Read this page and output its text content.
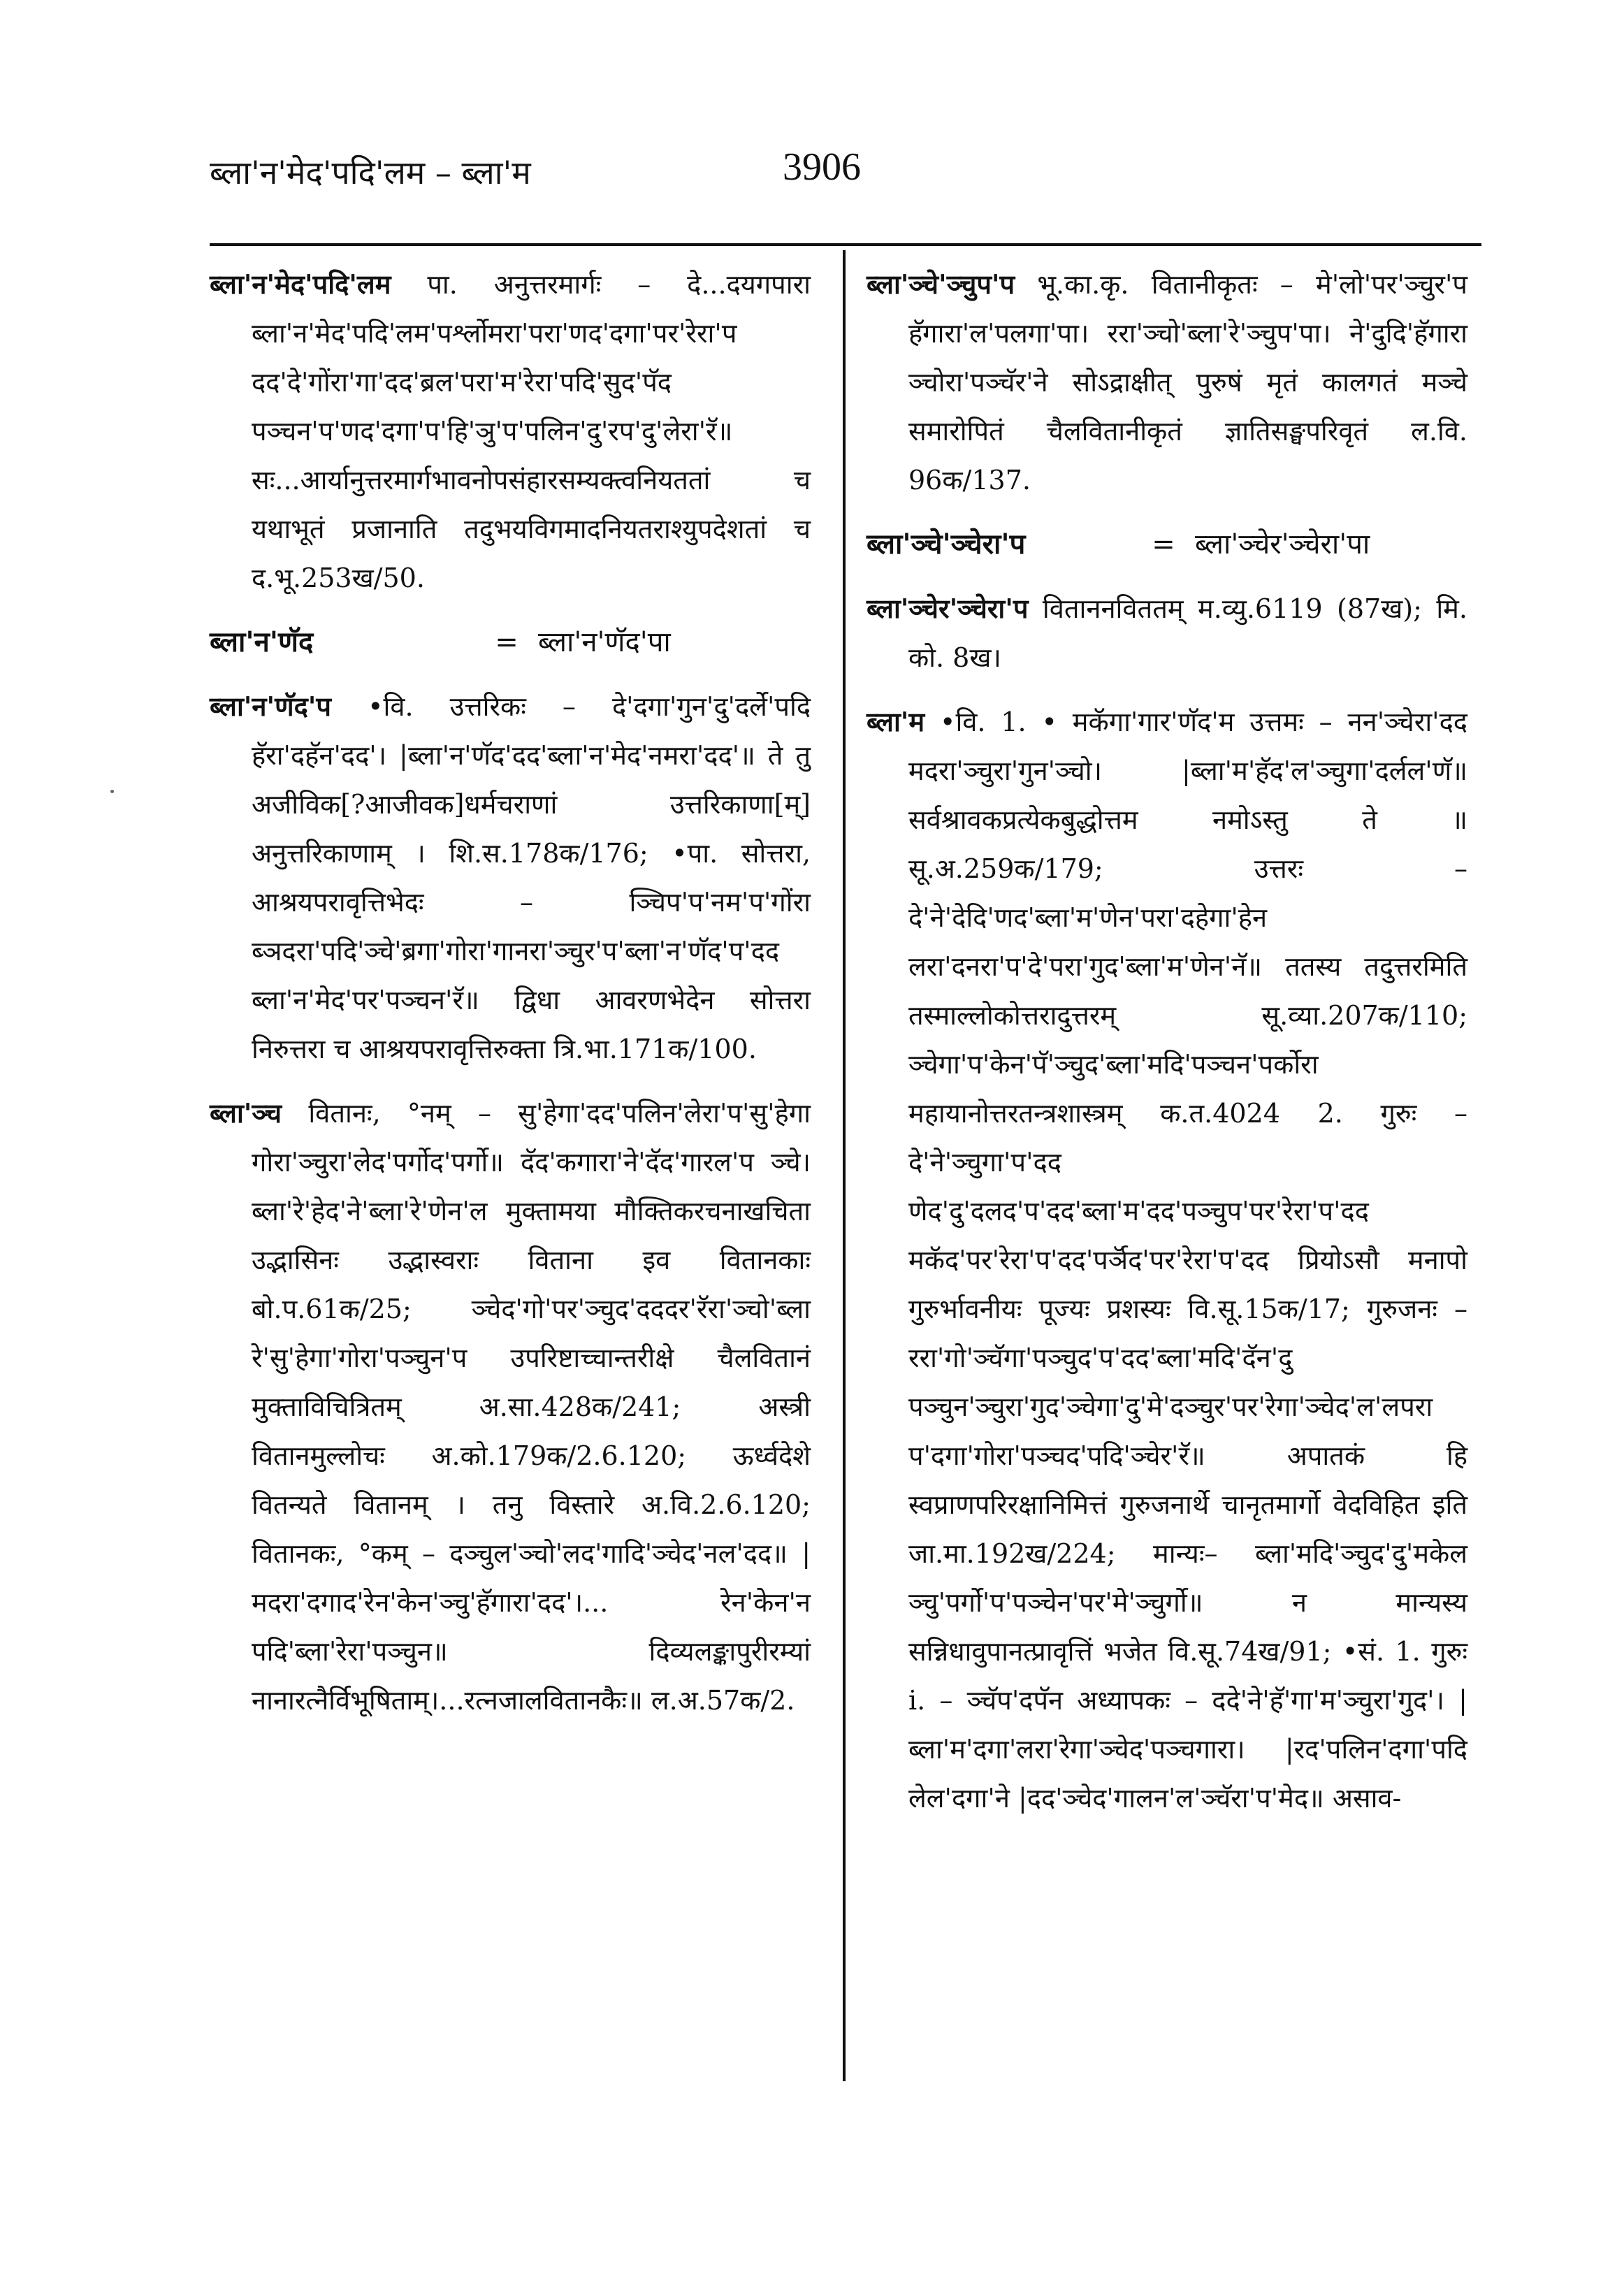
ब्ला'न'मेद'पदि'लम – ब्ला'म	3906
ब्ला'न'मेद'पदि'लम पा. अनुत्तरमार्गः – दे...दयगपारा ब्ला'न'मेद'पदि'लम'पर्श्लोमरा'परा'णद'दगा'पर'रेरा'प दद'दे'गोंरा'गा'दद'ब्रल'परा'म'रेरा'पदि'सुद'पॅद पञ्चन'प'णद'दगा'प'हि'ञु'प'पलिन'दु'रप'दु'लेरा'रॅ॥ सः...आर्यानुत्तरमार्गभावनोपसंहारसम्यक्त्वनियततां च यथाभूतं प्रजानाति तदुभयविगमादनियतराश्युपदेशतां च द.भू.253ख/50.
ब्ला'न'णॅद	= ब्ला'न'णॅद'पा
ब्ला'न'णॅद'प •वि. उत्तरिकः – दे'दगा'गुन'दु'दर्ले'पदि हॅरा'दहॅन'दद'। |ब्ला'न'णॅद'दद'ब्ला'न'मेद'नमरा'दद'॥ ते तु अजीविक[?आजीवक]धर्मचराणां उत्तरिकाणा[म्] अनुत्तरिकाणाम् । शि.स.178क/176; •पा. सोत्तरा, आश्रयपरावृत्तिभेदः – ञ्चिप'प'नम'प'गोंरा ब्ञदरा'पदि'ञ्चे'ब्रगा'गोरा'गानरा'ञ्चुर'प'ब्ला'न'णॅद'प'दद ब्ला'न'मेद'पर'पञ्चन'रॅ॥ द्विधा आवरणभेदेन सोत्तरा निरुत्तरा च आश्रयपरावृत्तिरुक्ता त्रि.भा.171क/100.
ब्ला'ञ्च वितानः, °नम् – सु'हेगा'दद'पलिन'लेरा'प'सु'हेगा गोरा'ञ्चुरा'लेद'पर्गोद'पर्गो॥ दॅद'कगारा'ने'दॅद'गारल'प ञ्चे। ब्ला'रे'हेद'ने'ब्ला'रे'णेन'ल मुक्तामया मौक्तिकरचनाखचिता उद्भासिनः उद्भास्वराः विताना इव वितानकाः बो.प.61क/25; ञ्चेद'गो'पर'ञ्चुद'दददर'रॅरा'ञ्चो'ब्ला रे'सु'हेगा'गोरा'पञ्चुन'प उपरिष्टाच्चान्तरीक्षे चैलवितानं मुक्ताविचित्रितम् अ.सा.428क/241; अस्त्री वितानमुल्लोचः अ.को.179क/2.6.120; ऊर्ध्वदेशे वितन्यते वितानम् । तनु विस्तारे अ.वि.2.6.120; वितानकः, °कम् – दञ्चुल'ञ्चो'लद'गादि'ञ्चेद'नल'दद॥ |मदरा'दगाद'रेन'केन'ञ्चु'हॅगारा'दद'।... रेन'केन'न पदि'ब्ला'रेरा'पञ्चुन॥ दिव्यलङ्कापुरीरम्यां नानारत्नैर्विभूषिताम्।...रत्नजालवितानकैः॥ ल.अ.57क/2.
ब्ला'ञ्चे'ञ्चुप'प भू.का.कृ. वितानीकृतः – मे'लो'पर'ञ्चुर'प हॅगारा'ल'पलगा'पा। ररा'ञ्चो'ब्ला'रे'ञ्चुप'पा। ने'दुदि'हॅगारा ञ्चोरा'पञ्चॅर'ने सोऽद्राक्षीत् पुरुषं मृतं कालगतं मञ्चे समारोपितं चैलवितानीकृतं ज्ञातिसङ्घपरिवृतं ल.वि. 96क/137.
ब्ला'ञ्चे'ञ्चेरा'प	= ब्ला'ञ्चेर'ञ्चेरा'पा
ब्ला'ञ्चेर'ञ्चेरा'प विताननविततम् म.व्यु.6119 (87ख); मि. को. 8ख।
ब्ला'म •वि. 1. • मकॅगा'गार'णॅद'म उत्तमः – नन'ञ्चेरा'दद मदरा'ञ्चुरा'गुन'ञ्चो। |ब्ला'म'हॅद'ल'ञ्चुगा'दर्लल'णॅ॥ सर्वश्रावकप्रत्येकबुद्धोत्तम नमोऽस्तु ते ॥ सू.अ.259क/179; उत्तरः – दे'ने'देदि'णद'ब्ला'म'णेन'परा'दहेगा'हेन लरा'दनरा'प'दे'परा'गुद'ब्ला'म'णेन'नॅ॥ ततस्य तदुत्तरमिति तस्माल्लोकोत्तरादुत्तरम् सू.व्या.207क/110; ञ्चेगा'प'केन'पॅ'ञ्चुद'ब्ला'मदि'पञ्चन'पर्कोरा महायानोत्तरतन्त्रशास्त्रम् क.त.4024 2. गुरुः – दे'ने'ञ्चुगा'प'दद णेद'दु'दलद'प'दद'ब्ला'म'दद'पञ्चुप'पर'रेरा'प'दद मकॅद'पर'रेरा'प'दद'पर्ञॅद'पर'रेरा'प'दद प्रियोऽसौ मनापो गुरुर्भावनीयः पूज्यः प्रशस्यः वि.सू.15क/17; गुरुजनः – ररा'गो'ञ्चॅगा'पञ्चुद'प'दद'ब्ला'मदि'दॅन'दु पञ्चुन'ञ्चुरा'गुद'ञ्चेगा'दु'मे'दञ्चुर'पर'रेगा'ञ्चेद'ल'लपरा प'दगा'गोरा'पञ्चद'पदि'ञ्चेर'रॅ॥ अपातकं हि स्वप्राणपरिरक्षानिमित्तं गुरुजनार्थे चानृतमार्गो वेदविहित इति जा.मा.192ख/224; मान्यः– ब्ला'मदि'ञ्चुद'दु'मकेल ञ्चु'पर्गो'प'पञ्चेन'पर'मे'ञ्चुर्गो॥ न मान्यस्य सन्निधावुपानत्प्रावृत्तिं भजेत वि.सू.74ख/91; •सं. 1. गुरुः i. – ञ्चॅप'दपॅन अध्यापकः – ददे'ने'हॅ'गा'म'ञ्चुरा'गुद'। |ब्ला'म'दगा'लरा'रेगा'ञ्चेद'पञ्चगारा। |रद'पलिन'दगा'पदि लेल'दगा'ने |दद'ञ्चेद'गालन'ल'ञ्चॅरा'प'मेद॥ असाव-
